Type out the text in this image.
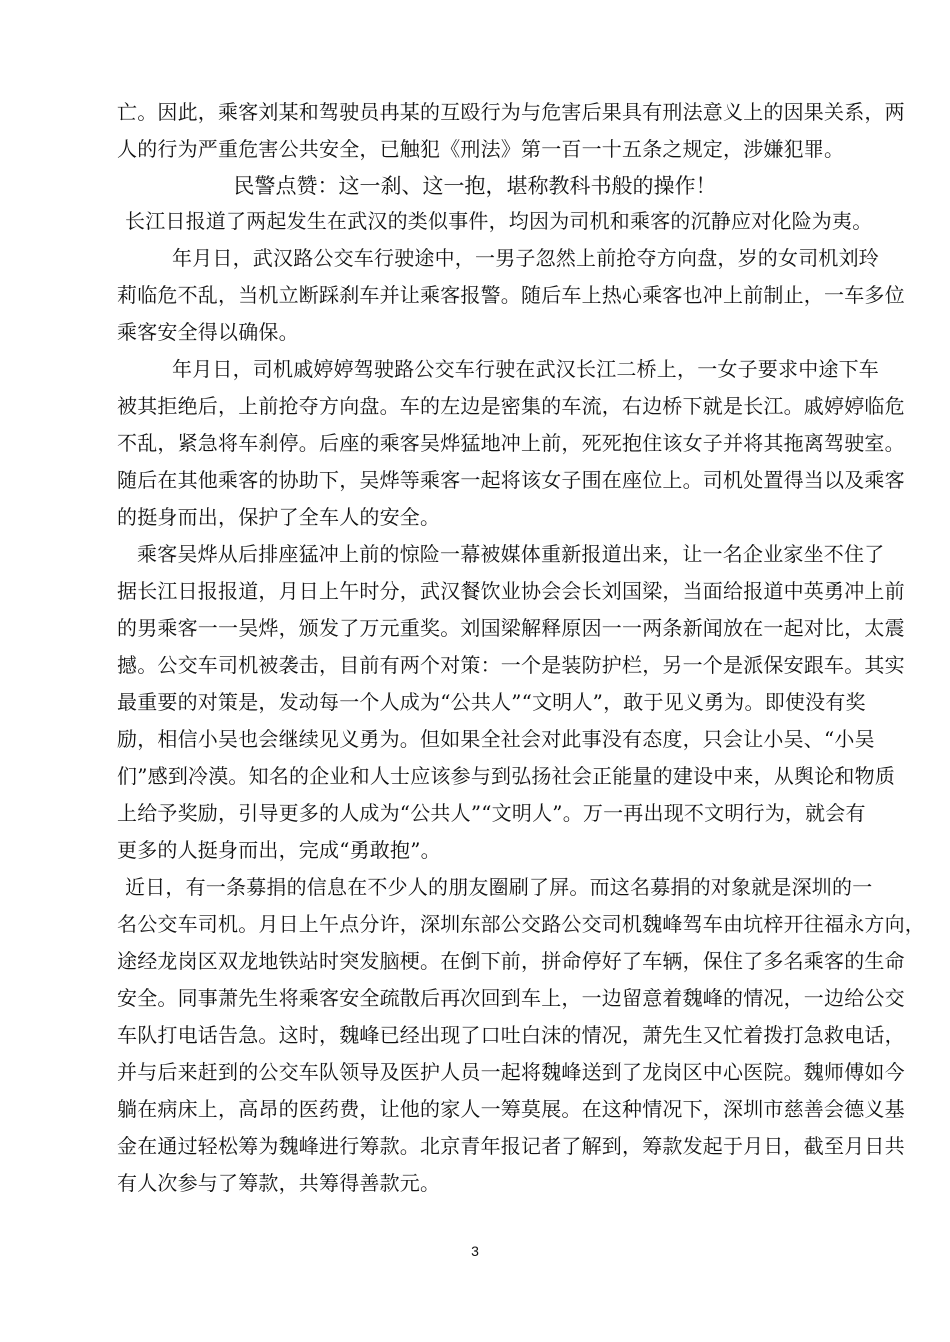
亡。因此，乘客刘某和驾驶员冉某的互殴行为与危害后果具有刑法意义上的因果关系，两
人的行为严重危害公共安全，已触犯《刑法》第一百一十五条之规定，涉嫌犯罪。
民警点赞：这一刹、这一抱，堪称教科书般的操作！
长江日报道了两起发生在武汉的类似事件，均因为司机和乘客的沉静应对化险为夷。
年月日，武汉路公交车行驶途中，一男子忽然上前抢夺方向盘，岁的女司机刘玲
莉临危不乱，当机立断踩刹车并让乘客报警。随后车上热心乘客也冲上前制止，一车多位
乘客安全得以确保。
年月日，司机戚婷婷驾驶路公交车行驶在武汉长江二桥上，一女子要求中途下车
被其拒绝后，上前抢夺方向盘。车的左边是密集的车流，右边桥下就是长江。戚婷婷临危
不乱，紧急将车刹停。后座的乘客吴烨猛地冲上前，死死抱住该女子并将其拖离驾驶室。
随后在其他乘客的协助下，吴烨等乘客一起将该女子围在座位上。司机处置得当以及乘客
的挺身而出，保护了全车人的安全。
乘客吴烨从后排座猛冲上前的惊险一幕被媒体重新报道出来，让一名企业家坐不住了
据长江日报报道，月日上午时分，武汉餐饮业协会会长刘国梁，当面给报道中英勇冲上前
的男乘客一一吴烨，颁发了万元重奖。刘国梁解释原因一一两条新闻放在一起对比，太震
撼。公交车司机被袭击，目前有两个对策：一个是装防护栏，另一个是派保安跟车。其实
最重要的对策是，发动每一个人成为“公共人”“文明人”，敢于见义勇为。即使没有奖
励，相信小吴也会继续见义勇为。但如果全社会对此事没有态度，只会让小吴、“小吴
们”感到冷漠。知名的企业和人士应该参与到弘扬社会正能量的建设中来，从舆论和物质
上给予奖励，引导更多的人成为“公共人”“文明人”。万一再出现不文明行为，就会有
更多的人挺身而出，完成“勇敢抱”。
近日，有一条募捐的信息在不少人的朋友圈刷了屏。而这名募捐的对象就是深圳的一
名公交车司机。月日上午点分许，深圳东部公交路公交司机魏峰驾车由坑梓开往福永方向，
途经龙岗区双龙地铁站时突发脑梗。在倒下前，拼命停好了车辆，保住了多名乘客的生命
安全。同事萧先生将乘客安全疏散后再次回到车上，一边留意着魏峰的情况，一边给公交
车队打电话告急。这时，魏峰已经出现了口吐白沫的情况，萧先生又忙着拨打急救电话，
并与后来赶到的公交车队领导及医护人员一起将魏峰送到了龙岗区中心医院。魏师傅如今
躺在病床上，高昂的医药费，让他的家人一筹莫展。在这种情况下，深圳市慈善会德义基
金在通过轻松筹为魏峰进行筹款。北京青年报记者了解到，筹款发起于月日，截至月日共
有人次参与了筹款，共筹得善款元。
3
